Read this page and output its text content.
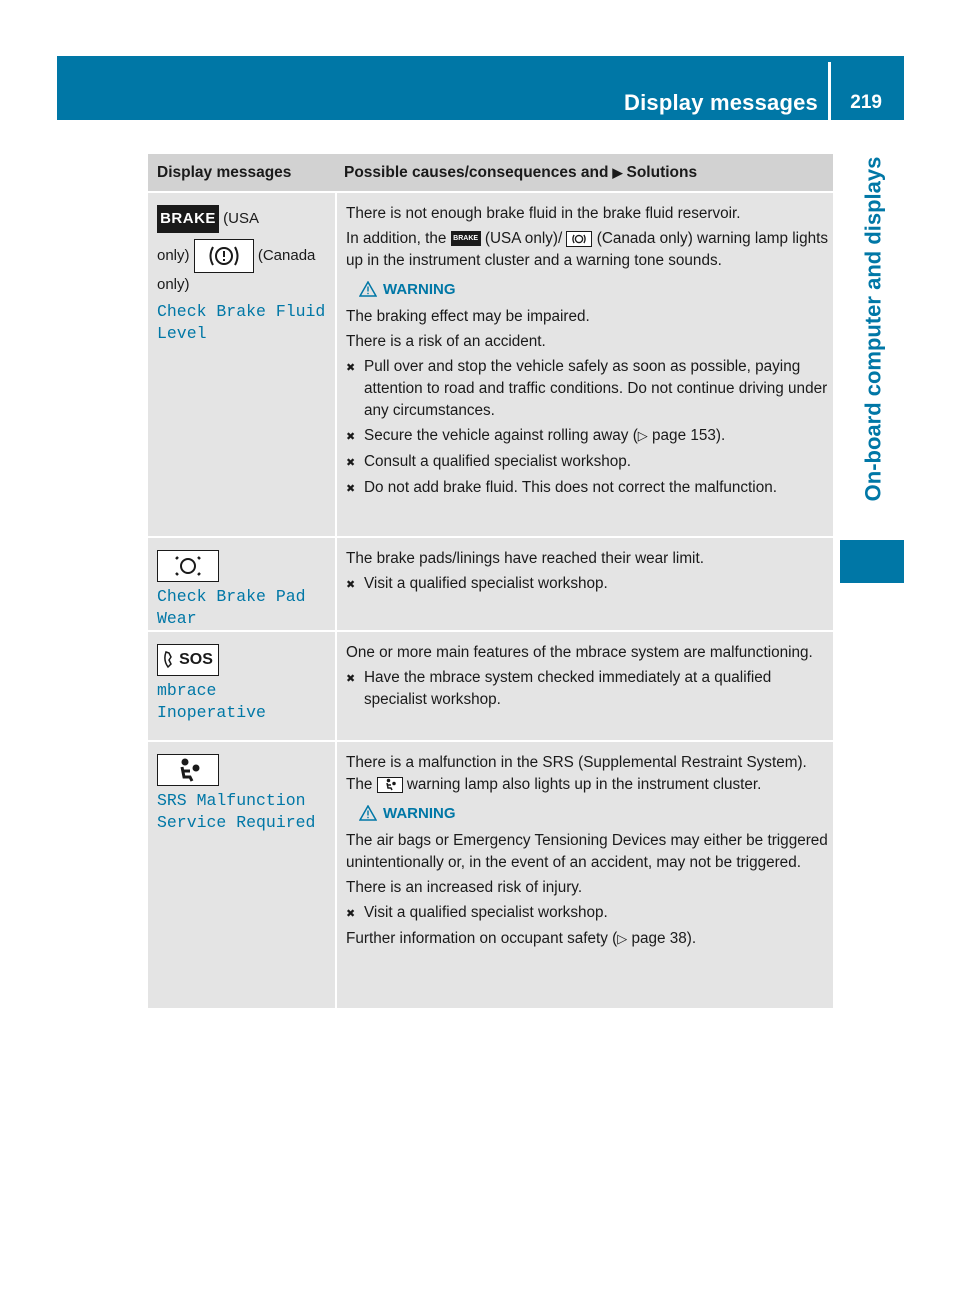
Display messages 219
On-board computer and displays
Display messages	Possible causes/consequences and ▶ Solutions
BRAKE (USA
only)	(Canada
only)
Check Brake Fluid
Level

There is not enough brake fluid in the brake fluid reservoir.

In addition, the BRAKE (USA only)/ (Canada only) warning lamp lights up in the instrument cluster and a warning tone sounds.

WARNING

The braking effect may be impaired.

There is a risk of an accident.

✖ Pull over and stop the vehicle safely as soon as possible, paying attention to road and traffic conditions. Do not continue driving under any circumstances.
✖ Secure the vehicle against rolling away (▷ page 153).
✖ Consult a qualified specialist workshop.
✖ Do not add brake fluid. This does not correct the malfunction.
Check Brake Pad
Wear

The brake pads/linings have reached their wear limit.

✖ Visit a qualified specialist workshop.
SOS
mbrace Inoperative

One or more main features of the mbrace system are malfunctioning.

✖ Have the mbrace system checked immediately at a qualified specialist workshop.
SRS Malfunction
Service Required

There is a malfunction in the SRS (Supplemental Restraint System). The warning lamp also lights up in the instrument cluster.

WARNING

The air bags or Emergency Tensioning Devices may either be triggered unintentionally or, in the event of an accident, may not be triggered.

There is an increased risk of injury.

✖ Visit a qualified specialist workshop.

Further information on occupant safety (▷ page 38).
